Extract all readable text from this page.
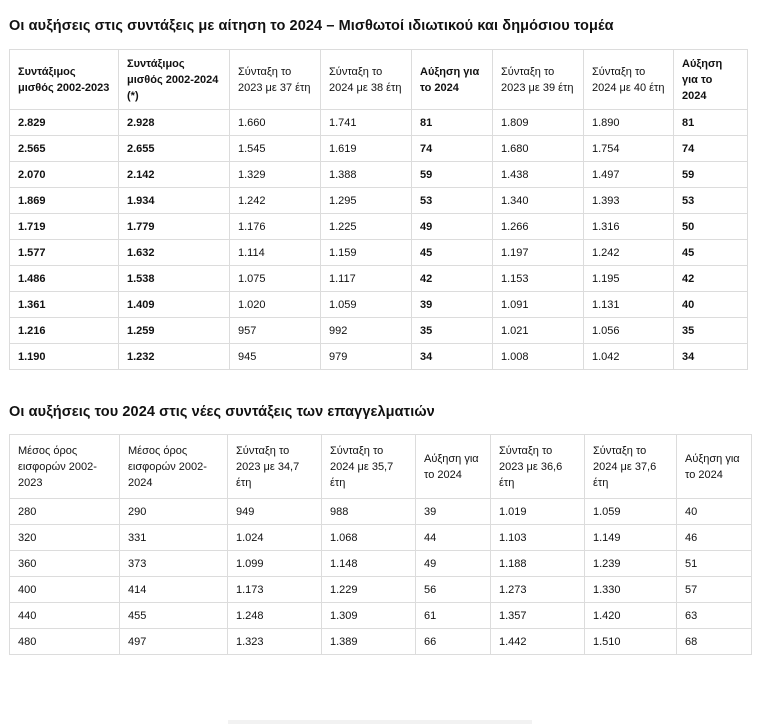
Οι αυξήσεις στις συντάξεις με αίτηση το 2024 – Μισθωτοί ιδιωτικού και δημόσιου τομέα
Συντάξιμος μισθός 2002-2023	Συντάξιμος μισθός 2002-2024 (*)	Σύνταξη το 2023 με 37 έτη	Σύνταξη το 2024 με 38 έτη	Αύξηση για το 2024	Σύνταξη το 2023 με 39 έτη	Σύνταξη το 2024 με 40 έτη	Αύξηση για το 2024
2.829	2.928	1.660	1.741	81	1.809	1.890	81
2.565	2.655	1.545	1.619	74	1.680	1.754	74
2.070	2.142	1.329	1.388	59	1.438	1.497	59
1.869	1.934	1.242	1.295	53	1.340	1.393	53
1.719	1.779	1.176	1.225	49	1.266	1.316	50
1.577	1.632	1.114	1.159	45	1.197	1.242	45
1.486	1.538	1.075	1.117	42	1.153	1.195	42
1.361	1.409	1.020	1.059	39	1.091	1.131	40
1.216	1.259	957	992	35	1.021	1.056	35
1.190	1.232	945	979	34	1.008	1.042	34
Οι αυξήσεις του 2024 στις νέες συντάξεις των επαγγελματιών
Μέσος όρος εισφορών 2002-2023	Μέσος όρος εισφορών 2002-2024	Σύνταξη το 2023 με 34,7 έτη	Σύνταξη το 2024 με 35,7 έτη	Αύξηση για το 2024	Σύνταξη το 2023 με 36,6 έτη	Σύνταξη το 2024 με 37,6 έτη	Αύξηση για το 2024
280	290	949	988	39	1.019	1.059	40
320	331	1.024	1.068	44	1.103	1.149	46
360	373	1.099	1.148	49	1.188	1.239	51
400	414	1.173	1.229	56	1.273	1.330	57
440	455	1.248	1.309	61	1.357	1.420	63
480	497	1.323	1.389	66	1.442	1.510	68
